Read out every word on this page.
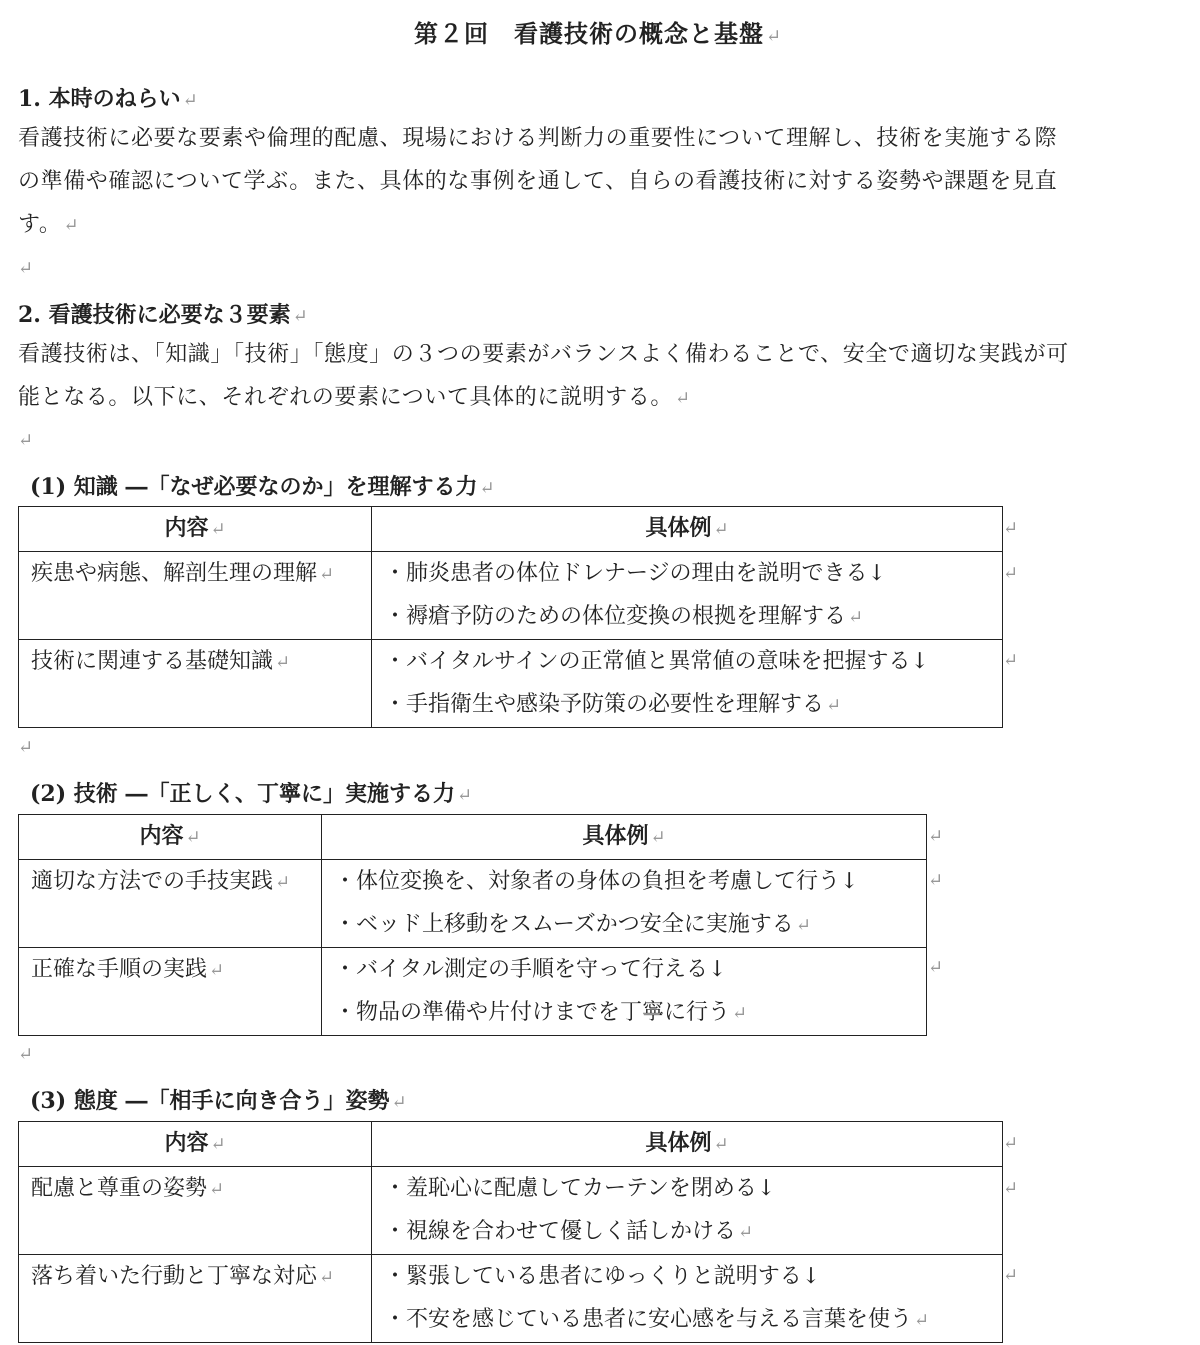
第２回　看護技術の概念と基盤 ↵
1. 本時のねらい ↵
看護技術に必要な要素や倫理的配慮、現場における判断力の重要性について理解し、技術を実施する際
の準備や確認について学ぶ。また、具体的な事例を通して、自らの看護技術に対する姿勢や課題を見直
す。 ↵
↵
2. 看護技術に必要な３要素 ↵
看護技術は、「知識」「技術」「態度」の３つの要素がバランスよく備わることで、安全で適切な実践が可
能となる。以下に、それぞれの要素について具体的に説明する。 ↵
↵
(1) 知識 ―「なぜ必要なのか」を理解する力 ↵
内容 ↵	具体例 ↵
疾患や病態、解剖生理の理解 ↵	・肺炎患者の体位ドレナージの理由を説明できる↓
・褥瘡予防のための体位変換の根拠を理解する ↵

技術に関連する基礎知識 ↵	・バイタルサインの正常値と異常値の意味を把握する↓
・手指衛生や感染予防策の必要性を理解する ↵
↵
↵
↵
↵
(2) 技術 ―「正しく、丁寧に」実施する力 ↵
内容 ↵	具体例 ↵
適切な方法での手技実践 ↵	・体位変換を、対象者の身体の負担を考慮して行う↓
・ベッド上移動をスムーズかつ安全に実施する ↵

正確な手順の実践 ↵	・バイタル測定の手順を守って行える↓
・物品の準備や片付けまでを丁寧に行う ↵
↵
↵
↵
↵
(3) 態度 ―「相手に向き合う」姿勢 ↵
内容 ↵	具体例 ↵
配慮と尊重の姿勢 ↵	・羞恥心に配慮してカーテンを閉める↓
・視線を合わせて優しく話しかける ↵

落ち着いた行動と丁寧な対応 ↵	・緊張している患者にゆっくりと説明する↓
・不安を感じている患者に安心感を与える言葉を使う ↵
↵
↵
↵
